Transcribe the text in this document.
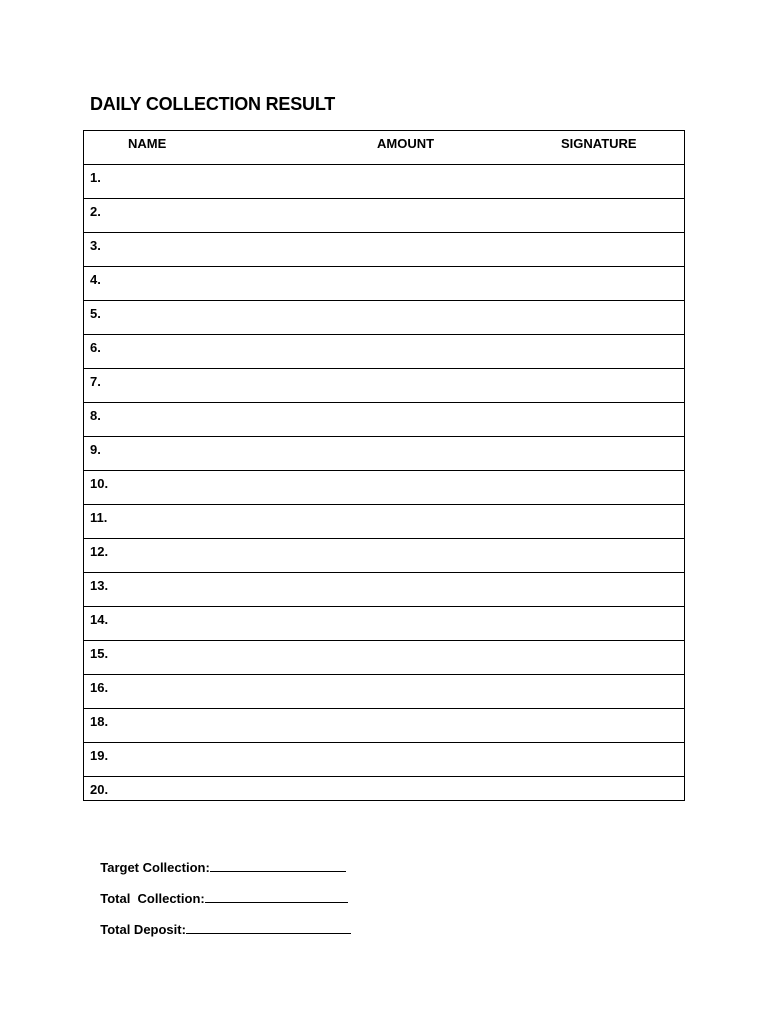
DAILY COLLECTION RESULT
NAME	AMOUNT	SIGNATURE
1.
2.
3.
4.
5.
6.
7.
8.
9.
10.
11.
12.
13.
14.
15.
16.
18.
19.
20.

Target Collection:

Total  Collection:

Total Deposit:
